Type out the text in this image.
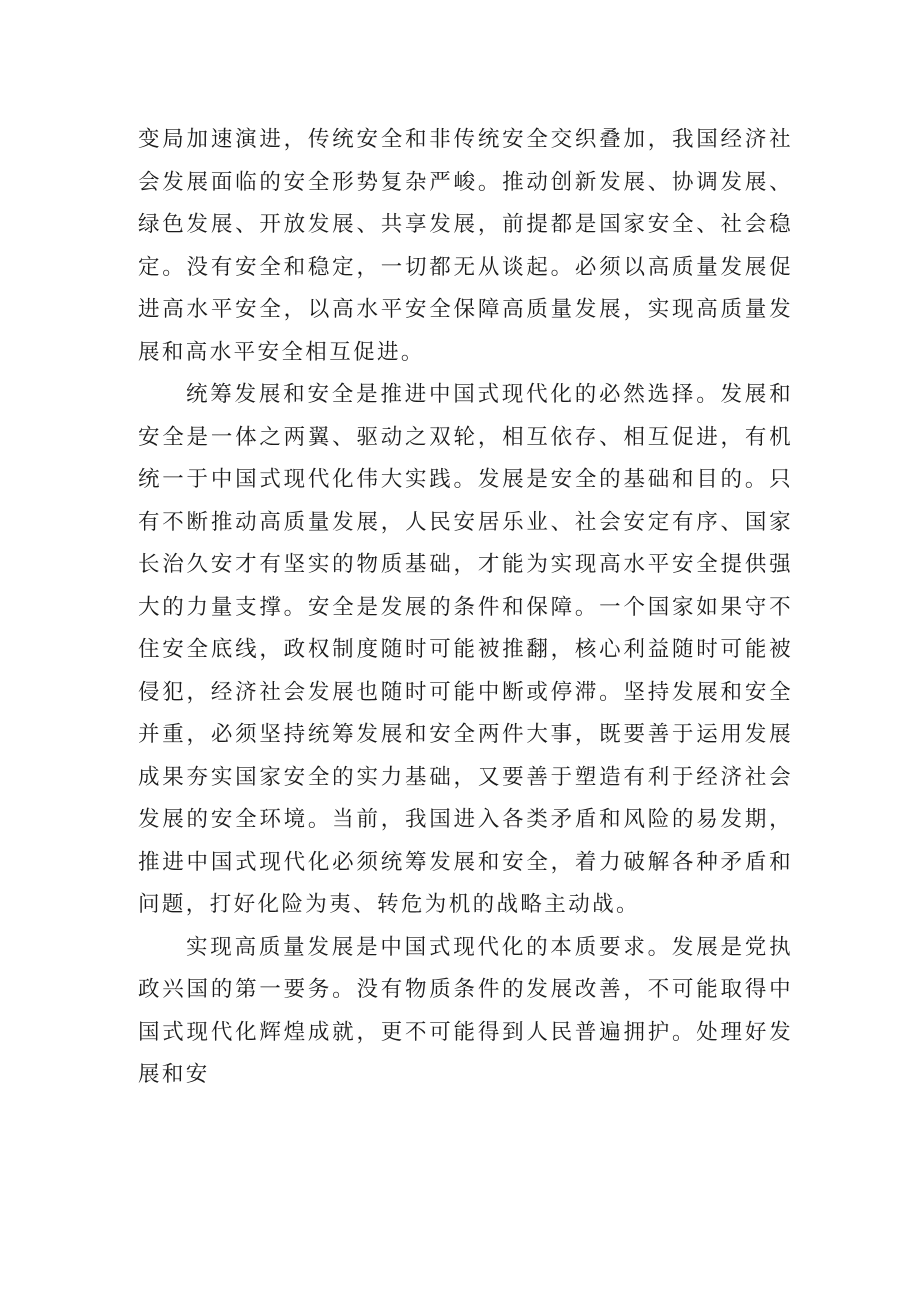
变局加速演进，传统安全和非传统安全交织叠加，我国经济社会发展面临的安全形势复杂严峻。推动创新发展、协调发展、绿色发展、开放发展、共享发展，前提都是国家安全、社会稳定。没有安全和稳定，一切都无从谈起。必须以高质量发展促进高水平安全，以高水平安全保障高质量发展，实现高质量发展和高水平安全相互促进。

统筹发展和安全是推进中国式现代化的必然选择。发展和安全是一体之两翼、驱动之双轮，相互依存、相互促进，有机统一于中国式现代化伟大实践。发展是安全的基础和目的。只有不断推动高质量发展，人民安居乐业、社会安定有序、国家长治久安才有坚实的物质基础，才能为实现高水平安全提供强大的力量支撑。安全是发展的条件和保障。一个国家如果守不住安全底线，政权制度随时可能被推翻，核心利益随时可能被侵犯，经济社会发展也随时可能中断或停滞。坚持发展和安全并重，必须坚持统筹发展和安全两件大事，既要善于运用发展成果夯实国家安全的实力基础，又要善于塑造有利于经济社会发展的安全环境。当前，我国进入各类矛盾和风险的易发期，推进中国式现代化必须统筹发展和安全，着力破解各种矛盾和问题，打好化险为夷、转危为机的战略主动战。

实现高质量发展是中国式现代化的本质要求。发展是党执政兴国的第一要务。没有物质条件的发展改善，不可能取得中国式现代化辉煌成就，更不可能得到人民普遍拥护。处理好发展和安
